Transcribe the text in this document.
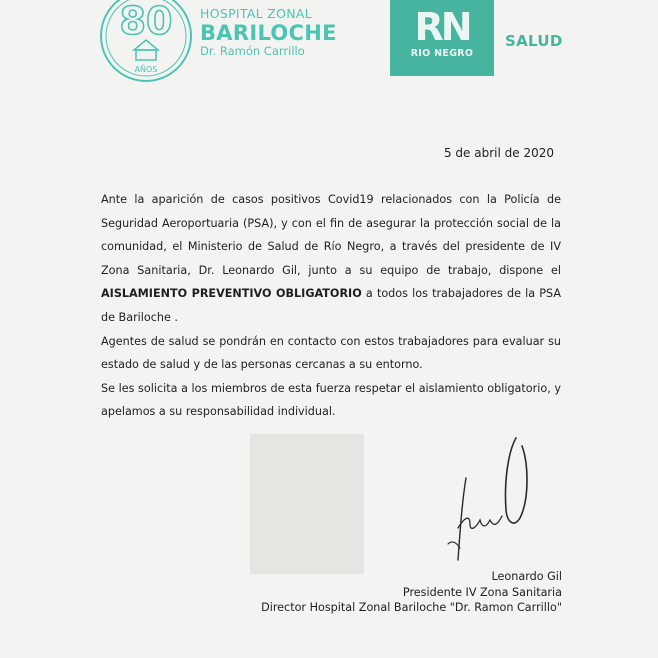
80
AÑOS
HOSPITAL ZONAL
BARILOCHE
Dr. Ramón Carrillo
RN
RIO NEGRO
SALUD
5 de abril de 2020

Ante la aparición de casos positivos Covid19 relacionados con la Policía de Seguridad Aeroportuaria (PSA), y con el fin de asegurar la protección social de la comunidad, el Ministerio de Salud de Río Negro, a través del presidente de IV Zona Sanitaria, Dr. Leonardo Gil, junto a su equipo de trabajo, dispone el AISLAMIENTO PREVENTIVO OBLIGATORIO a todos los trabajadores de la PSA de Bariloche .

Agentes de salud se pondrán en contacto con estos trabajadores para evaluar su estado de salud y de las personas cercanas a su entorno.

Se les solicita a los miembros de esta fuerza respetar el aislamiento obligatorio, y apelamos a su responsabilidad individual.

Leonardo Gil
Presidente IV Zona Sanitaria
Director Hospital Zonal Bariloche "Dr. Ramon Carrillo"
